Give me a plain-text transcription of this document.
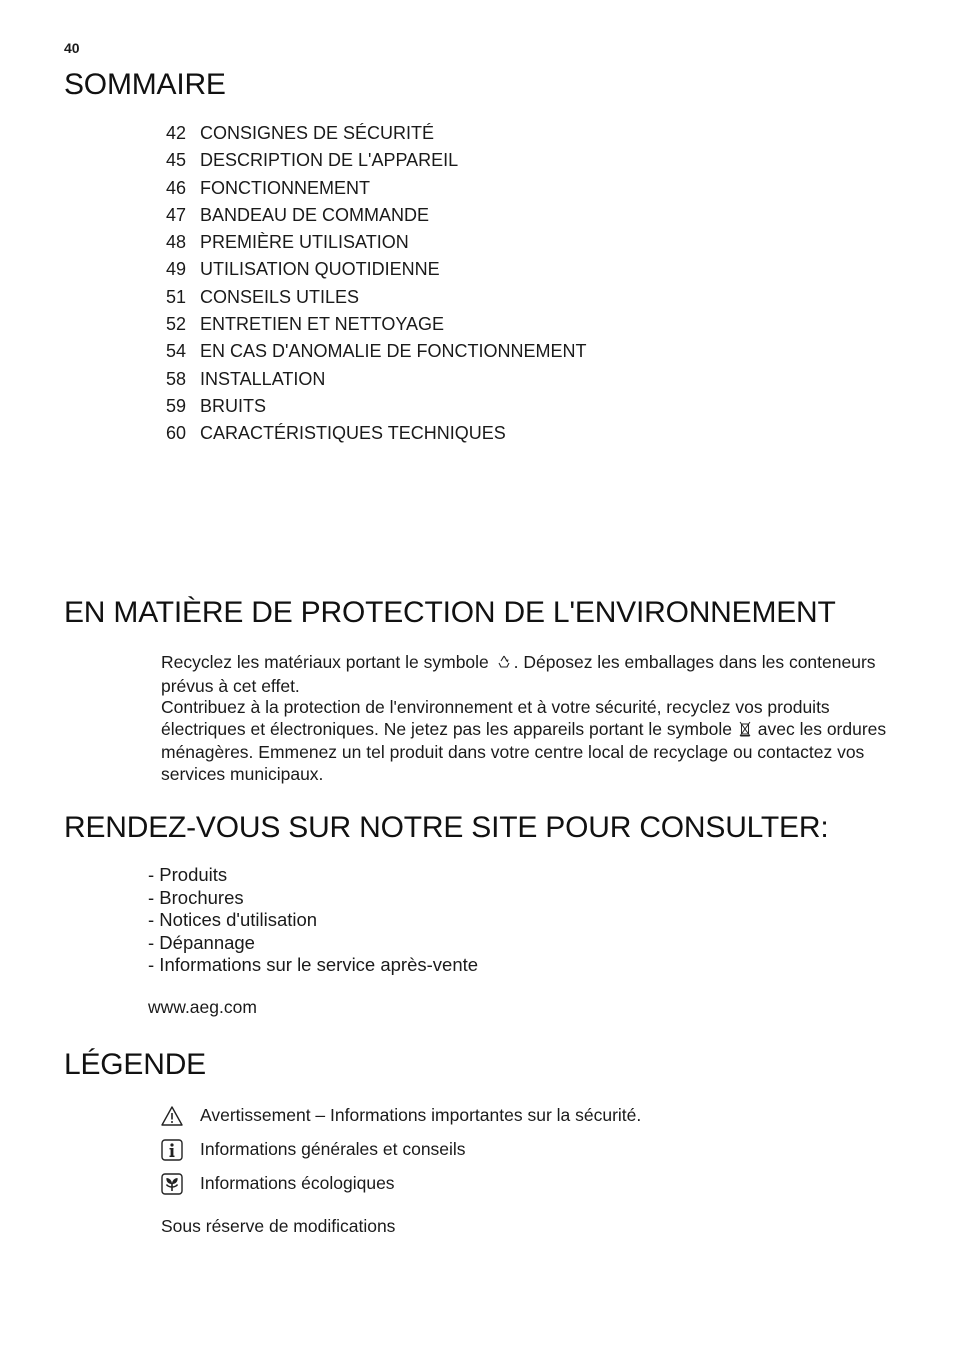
40
SOMMAIRE
42 CONSIGNES DE SÉCURITÉ
45 DESCRIPTION DE L'APPAREIL
46 FONCTIONNEMENT
47 BANDEAU DE COMMANDE
48 PREMIÈRE UTILISATION
49 UTILISATION QUOTIDIENNE
51 CONSEILS UTILES
52 ENTRETIEN ET NETTOYAGE
54 EN CAS D'ANOMALIE DE FONCTIONNEMENT
58 INSTALLATION
59 BRUITS
60 CARACTÉRISTIQUES TECHNIQUES
EN MATIÈRE DE PROTECTION DE L'ENVIRONNEMENT

Recyclez les matériaux portant le symbole . Déposez les emballages dans les conteneurs prévus à cet effet.

Contribuez à la protection de l'environnement et à votre sécurité, recyclez vos produits électriques et électroniques. Ne jetez pas les appareils portant le symbole avec les ordures ménagères. Emmenez un tel produit dans votre centre local de recyclage ou contactez vos services municipaux.

RENDEZ-VOUS SUR NOTRE SITE POUR CONSULTER:
- Produits
- Brochures
- Notices d'utilisation
- Dépannage
- Informations sur le service après-vente
www.aeg.com
LÉGENDE
Avertissement – Informations importantes sur la sécurité.
Informations générales et conseils
Informations écologiques
Sous réserve de modifications
